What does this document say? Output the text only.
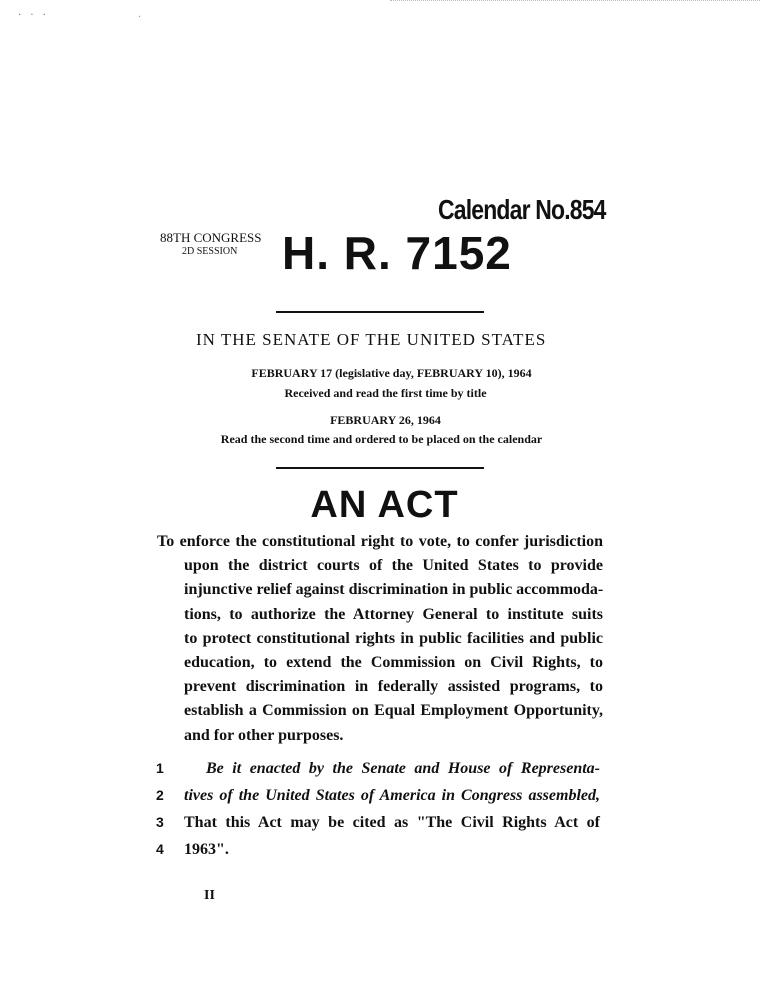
· · ·	·
Calendar No.854
88TH CONGRESS
2D SESSION H. R. 7152
IN THE SENATE OF THE UNITED STATES
FEBRUARY 17 (legislative day, FEBRUARY 10), 1964
Received and read the first time by title
FEBRUARY 26, 1964
Read the second time and ordered to be placed on the calendar
AN ACT
To enforce the constitutional right to vote, to confer jurisdiction
upon the district courts of the United States to provide
injunctive relief against discrimination in public accommoda-
tions, to authorize the Attorney General to institute suits
to protect constitutional rights in public facilities and public
education, to extend the Commission on Civil Rights, to
prevent discrimination in federally assisted programs, to
establish a Commission on Equal Employment Opportunity,
and for other purposes.
1	Be it enacted by the Senate and House of Representa-
2	tives of the United States of America in Congress assembled,
3	That this Act may be cited as "The Civil Rights Act of
4	1963".
II
